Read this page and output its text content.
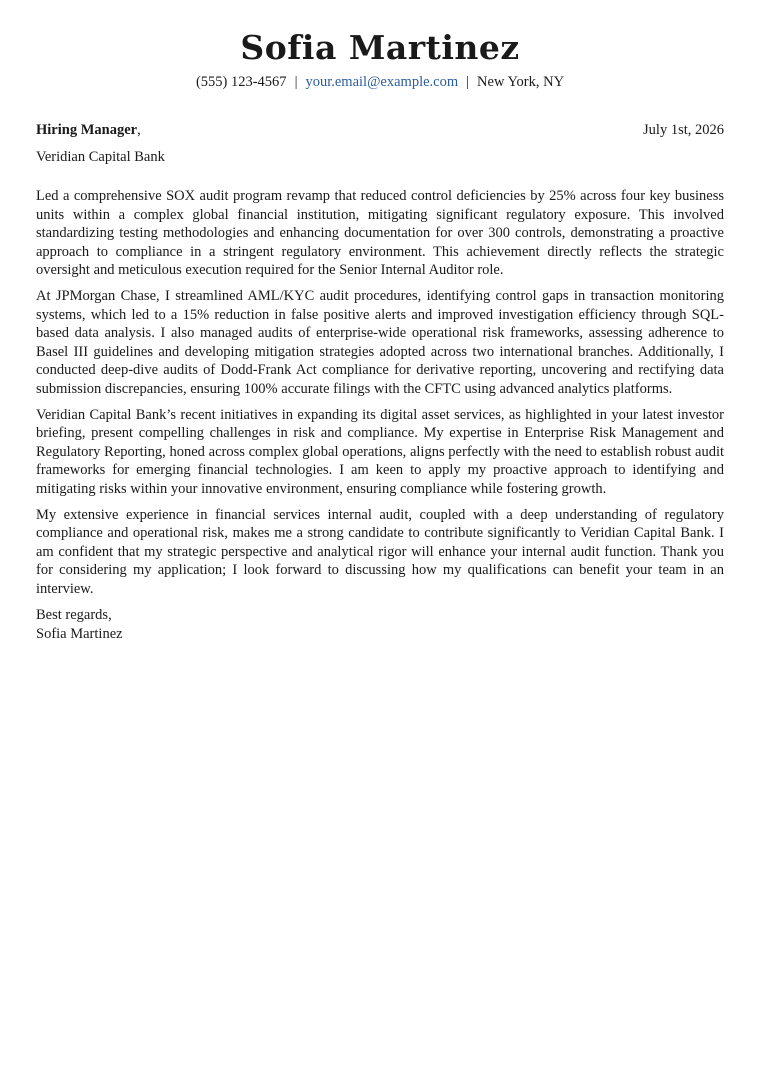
Sofia Martinez
(555) 123-4567 | your.email@example.com | New York, NY
Hiring Manager,	July 1st, 2026
Veridian Capital Bank

Led a comprehensive SOX audit program revamp that reduced control deficiencies by 25% across four key business units within a complex global financial institution, mitigating significant regulatory exposure. This involved standardizing testing methodologies and enhancing documentation for over 300 controls, demonstrating a proactive approach to compliance in a stringent regulatory environment. This achievement directly reflects the strategic oversight and meticulous execution required for the Senior Internal Auditor role.

At JPMorgan Chase, I streamlined AML/KYC audit procedures, identifying control gaps in transaction monitoring systems, which led to a 15% reduction in false positive alerts and improved investigation efficiency through SQL-based data analysis. I also managed audits of enterprise-wide operational risk frameworks, assessing adherence to Basel III guidelines and developing mitigation strategies adopted across two international branches. Additionally, I conducted deep-dive audits of Dodd-Frank Act compliance for derivative reporting, uncovering and rectifying data submission discrepancies, ensuring 100% accurate filings with the CFTC using advanced analytics platforms.

Veridian Capital Bank’s recent initiatives in expanding its digital asset services, as highlighted in your latest investor briefing, present compelling challenges in risk and compliance. My expertise in Enterprise Risk Management and Regulatory Reporting, honed across complex global operations, aligns perfectly with the need to establish robust audit frameworks for emerging financial technologies. I am keen to apply my proactive approach to identifying and mitigating risks within your innovative environment, ensuring compliance while fostering growth.

My extensive experience in financial services internal audit, coupled with a deep understanding of regulatory compliance and operational risk, makes me a strong candidate to contribute significantly to Veridian Capital Bank. I am confident that my strategic perspective and analytical rigor will enhance your internal audit function. Thank you for considering my application; I look forward to discussing how my qualifications can benefit your team in an interview.

Best regards,
Sofia Martinez
